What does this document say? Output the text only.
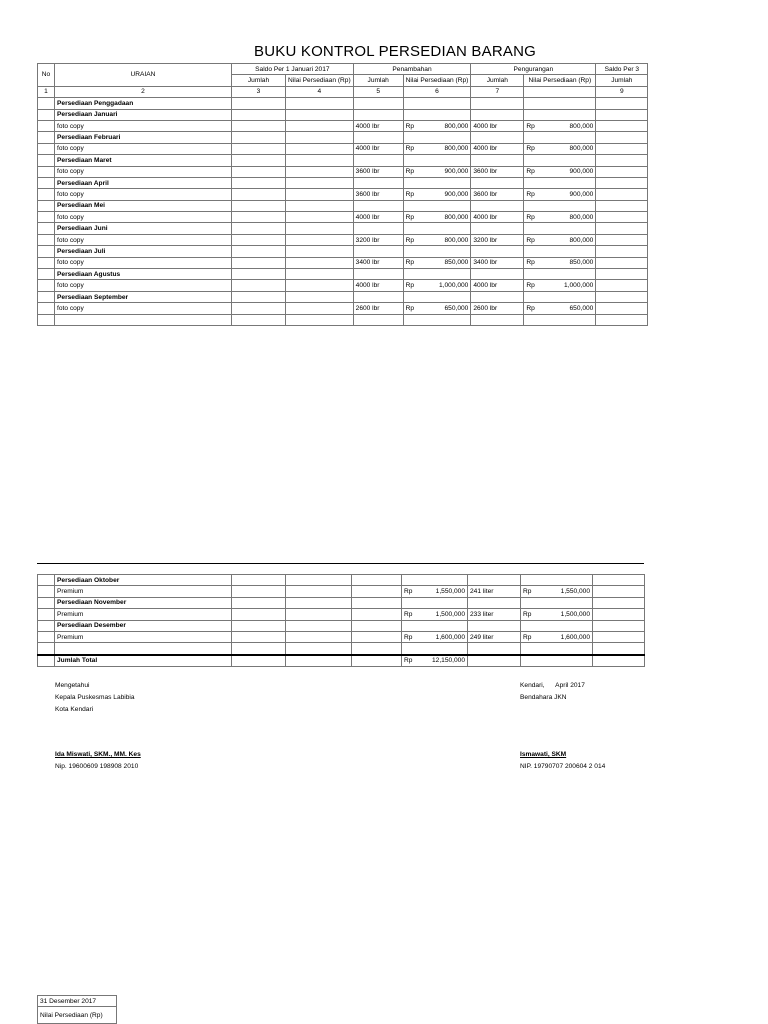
BUKU KONTROL PERSEDIAN BARANG
No	URAIAN	Saldo Per 1 Januari 2017		Penambahan		Pengurangan		Saldo Per 3
		Jumlah	Nilai Persediaan (Rp)	Jumlah	Nilai Persediaan (Rp)	Jumlah	Nilai Persediaan (Rp)	Jumlah
1	2	3	4	5	6	7		9
	Persediaan Penggadaan							
	Persediaan Januari							
	foto copy			4000 lbr	Rp 800,000	4000 lbr	Rp 800,000	

	Persediaan Februari							
	foto copy			4000 lbr	Rp 800,000	4000 lbr	Rp 800,000	

	Persediaan Maret							
	foto copy			3600 lbr	Rp 900,000	3600 lbr	Rp 900,000	

	Persediaan April							
	foto copy			3600 lbr	Rp 900,000	3600 lbr	Rp 900,000	

	Persediaan Mei							
	foto copy			4000 lbr	Rp 800,000	4000 lbr	Rp 800,000	

	Persediaan Juni							
	foto copy			3200 lbr	Rp 800,000	3200 lbr	Rp 800,000	

	Persediaan Juli							
	foto copy			3400 lbr	Rp 850,000	3400 lbr	Rp 850,000	

	Persediaan Agustus							
	foto copy			4000 lbr	Rp 1,000,000	4000 lbr	Rp 1,000,000	

	Persediaan September							
	foto copy			2600 lbr	Rp 650,000	2600 lbr	Rp 650,000	

	Persediaan Oktober							
	Premium				Rp 1,550,000	241 liter	Rp 1,550,000	

	Persediaan November							
	Premium				Rp 1,500,000	233 liter	Rp 1,500,000	

	Persediaan Desember							
	Premium				Rp 1,600,000	249 liter	Rp 1,600,000	

	Jumlah Total				Rp 12,150,000			

Mengetahui
Kepala Puskesmas Labibia
Kota Kendari
Ida Miswati, SKM., MM. Kes
Nip. 19600609 198908 2010
Kendari,      April 2017
Bendahara JKN
Ismawati, SKM
NIP. 19790707 200604 2 014
31 Desember 2017
Nilai Persediaan (Rp)
